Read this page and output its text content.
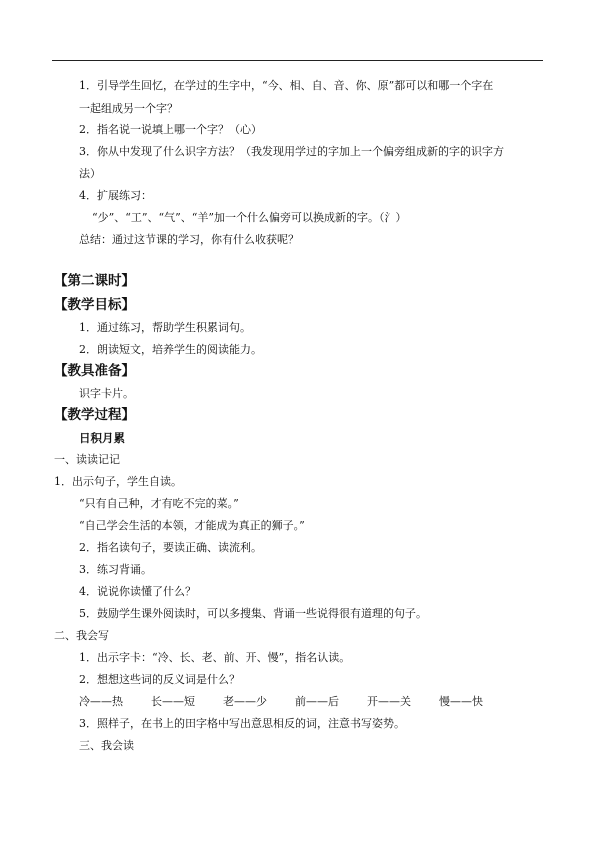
1．引导学生回忆，在学过的生字中，“今、相、自、音、你、原”都可以和哪一个字在
一起组成另一个字？
2．指名说一说填上哪一个字？（心）
3．你从中发现了什么识字方法？（我发现用学过的字加上一个偏旁组成新的字的识字方
法）
4．扩展练习：
“少”、“工”、“气”、“羊”加一个什么偏旁可以换成新的字。（氵）
总结：通过这节课的学习，你有什么收获呢？
【第二课时】
【教学目标】
1．通过练习，帮助学生积累词句。
2．朗读短文，培养学生的阅读能力。
【教具准备】
识字卡片。
【教学过程】
日积月累
一、读读记记
1．出示句子，学生自读。
“只有自己种，才有吃不完的菜。”
“自己学会生活的本领，才能成为真正的狮子。”
2．指名读句子，要读正确、读流利。
3．练习背诵。
4．说说你读懂了什么？
5．鼓励学生课外阅读时，可以多搜集、背诵一些说得很有道理的句子。
二、我会写
1．出示字卡：“冷、长、老、前、开、慢”，指名认读。
2．想想这些词的反义词是什么？
冷——热	长——短	老——少	前——后	开——关	慢——快
3．照样子，在书上的田字格中写出意思相反的词，注意书写姿势。
三、我会读
